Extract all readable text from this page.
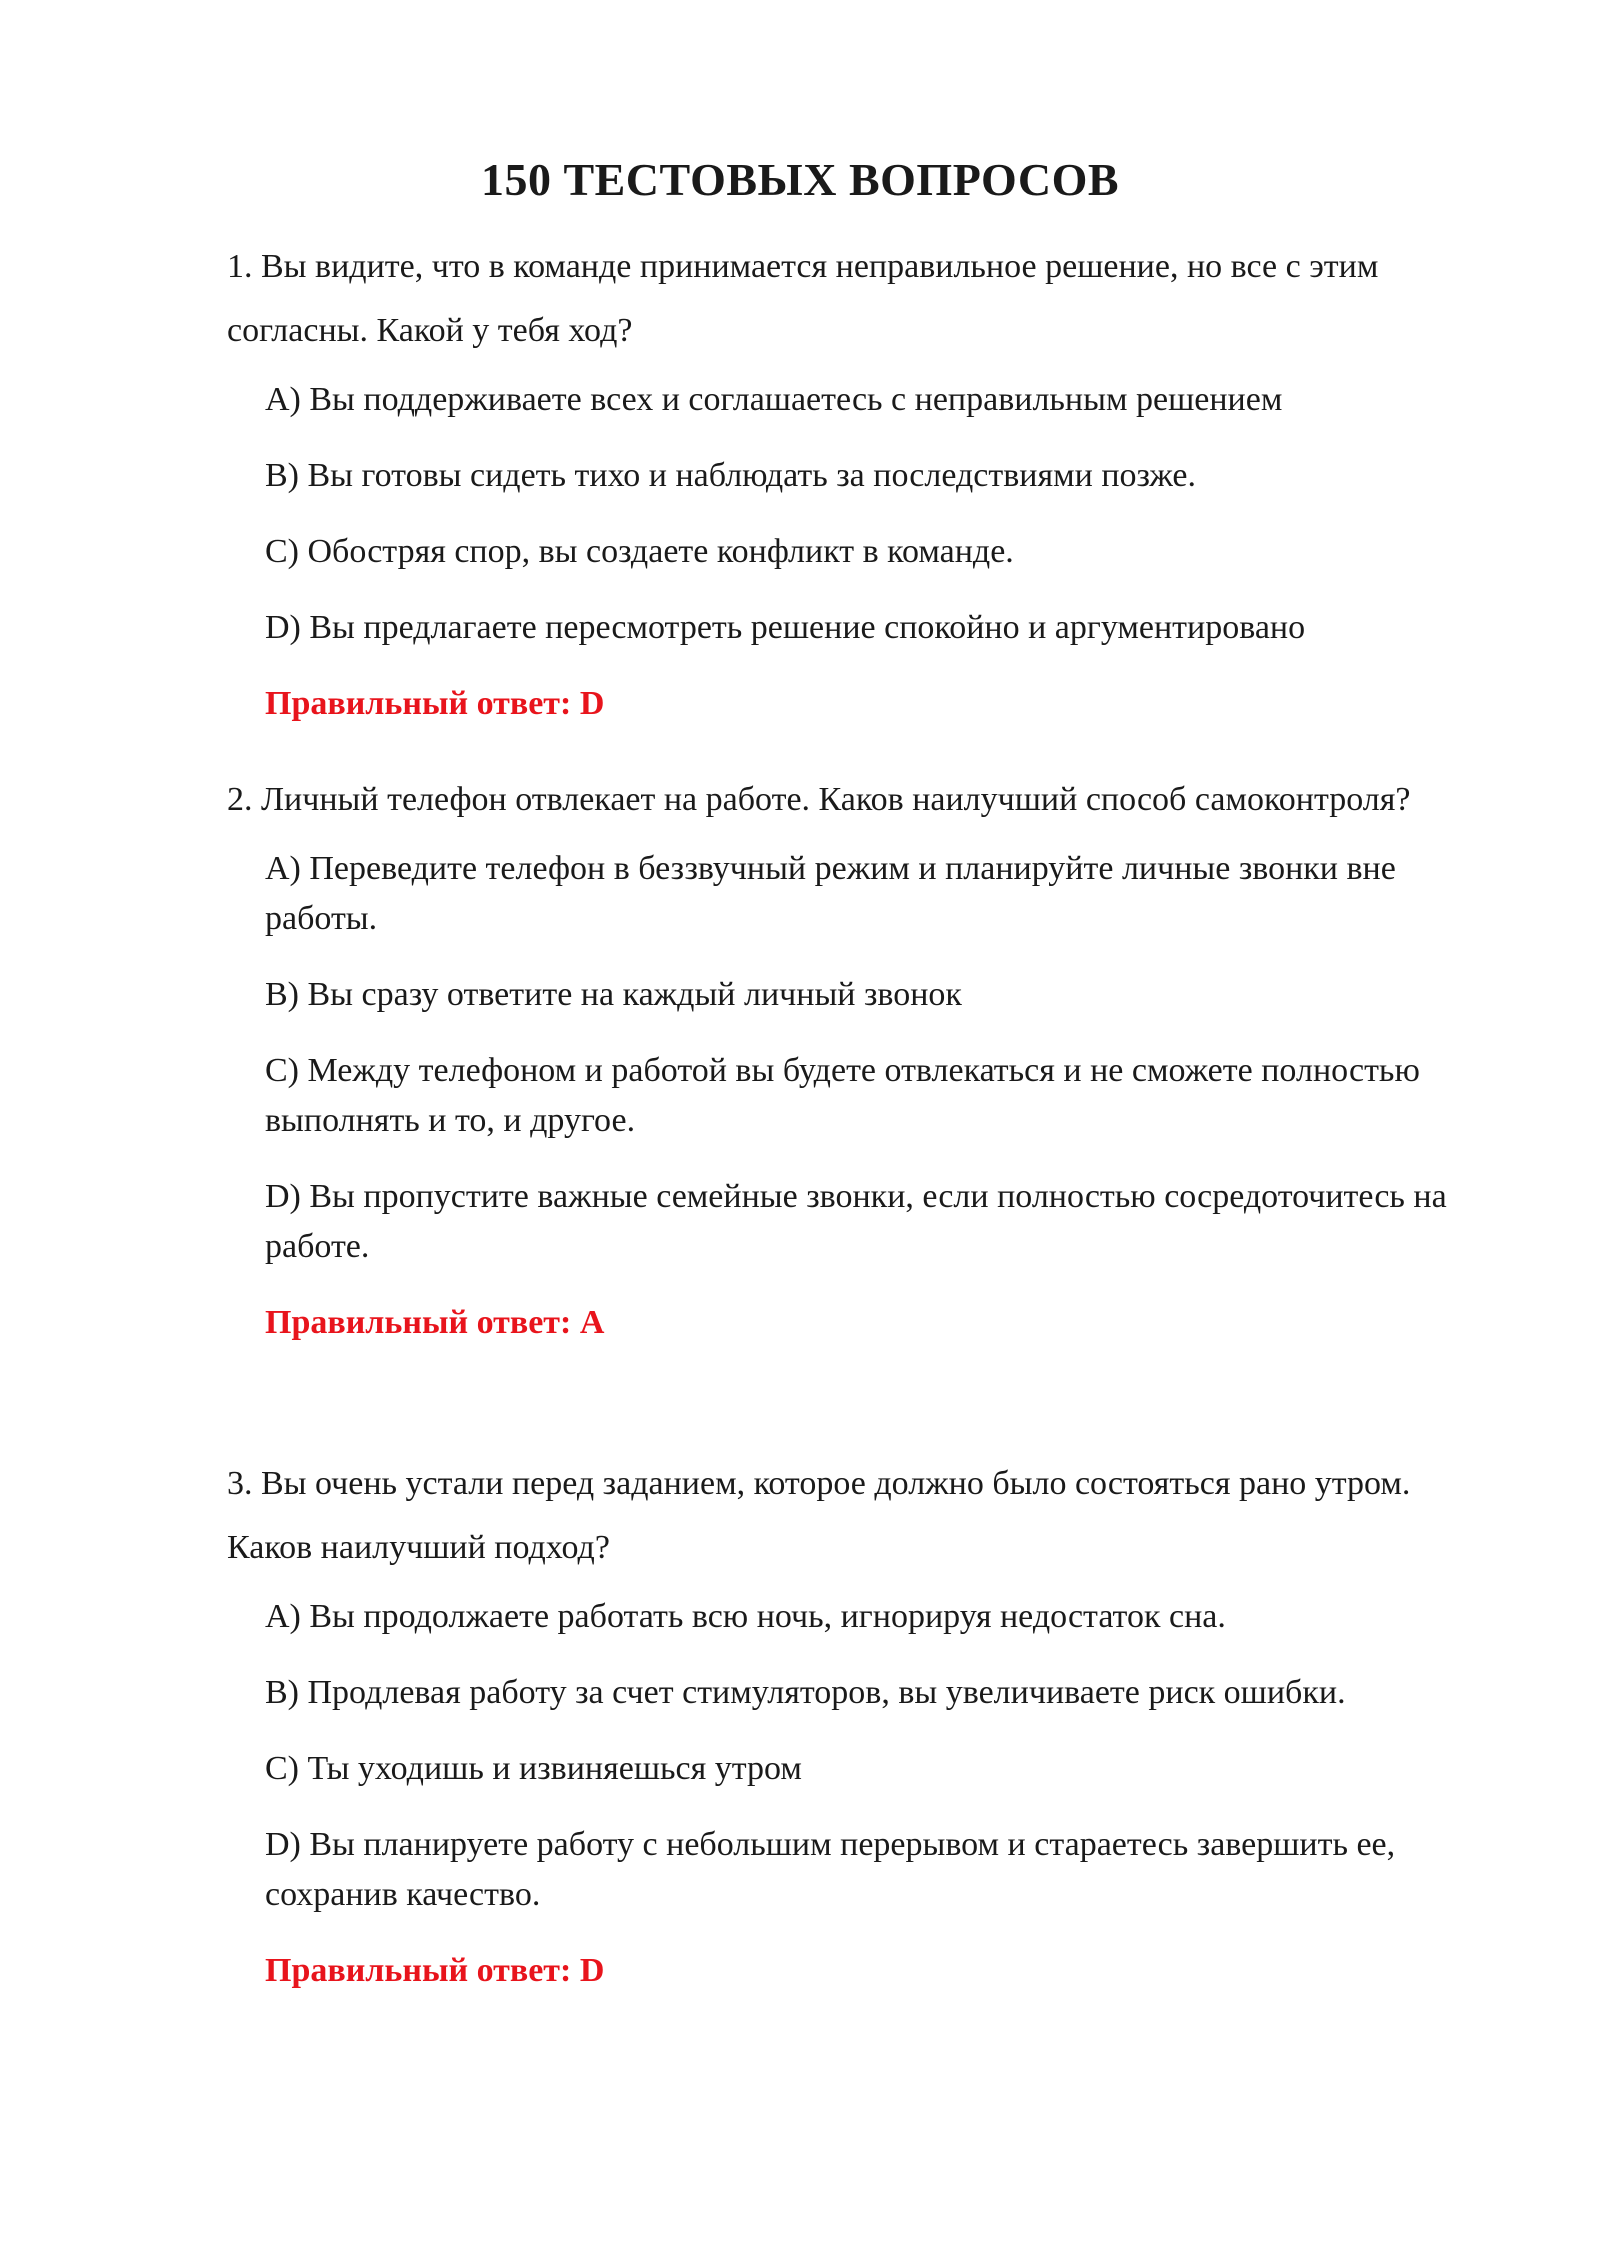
150 ТЕСТОВЫХ ВОПРОСОВ

1. Вы видите, что в команде принимается неправильное решение, но все с этим согласны. Какой у тебя ход?

A) Вы поддерживаете всех и соглашаетесь с неправильным решением
B) Вы готовы сидеть тихо и наблюдать за последствиями позже.
C) Обостряя спор, вы создаете конфликт в команде.
D) Вы предлагаете пересмотреть решение спокойно и аргументировано
Правильный ответ: D

2. Личный телефон отвлекает на работе. Каков наилучший способ самоконтроля?

A) Переведите телефон в беззвучный режим и планируйте личные звонки вне работы.
B) Вы сразу ответите на каждый личный звонок
C) Между телефоном и работой вы будете отвлекаться и не сможете полностью выполнять и то, и другое.
D) Вы пропустите важные семейные звонки, если полностью сосредоточитесь на работе.
Правильный ответ: A

3. Вы очень устали перед заданием, которое должно было состояться рано утром. Каков наилучший подход?

A) Вы продолжаете работать всю ночь, игнорируя недостаток сна.
B) Продлевая работу за счет стимуляторов, вы увеличиваете риск ошибки.
C) Ты уходишь и извиняешься утром
D) Вы планируете работу с небольшим перерывом и стараетесь завершить ее, сохранив качество.
Правильный ответ: D
